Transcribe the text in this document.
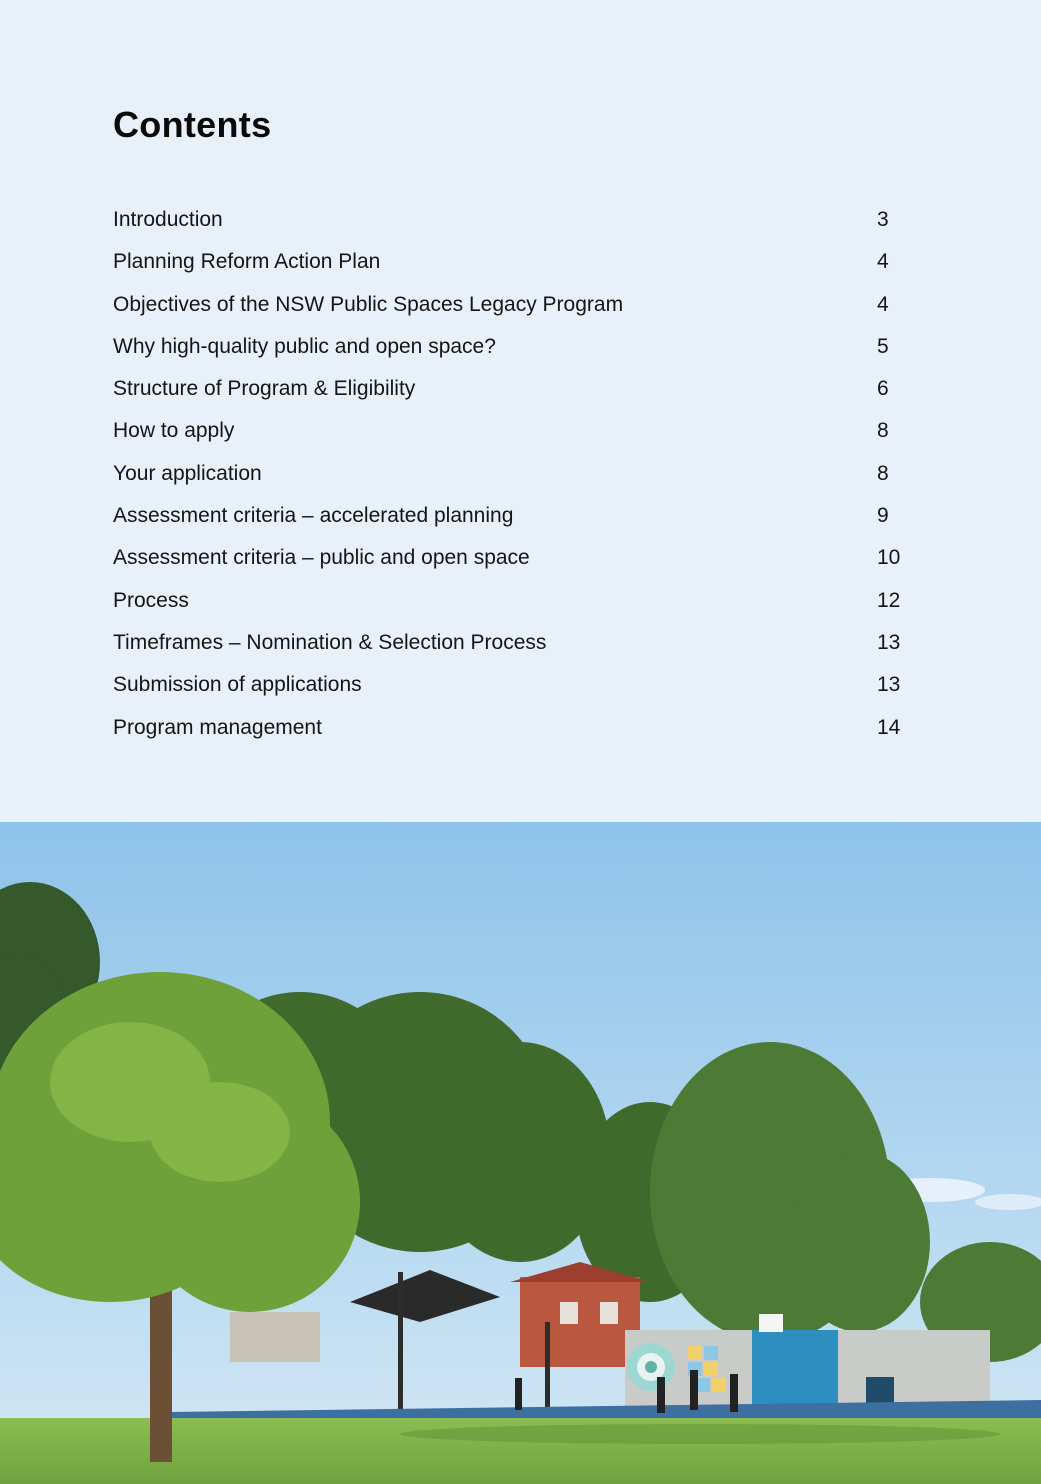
Contents
Introduction	3
Planning Reform Action Plan	4
Objectives of the NSW Public Spaces Legacy Program	4
Why high-quality public and open space?	5
Structure of Program & Eligibility	6
How to apply	8
Your application	8
Assessment criteria – accelerated planning	9
Assessment criteria – public and open space	10
Process	12
Timeframes – Nomination & Selection Process	13
Submission of applications	13
Program management	14
